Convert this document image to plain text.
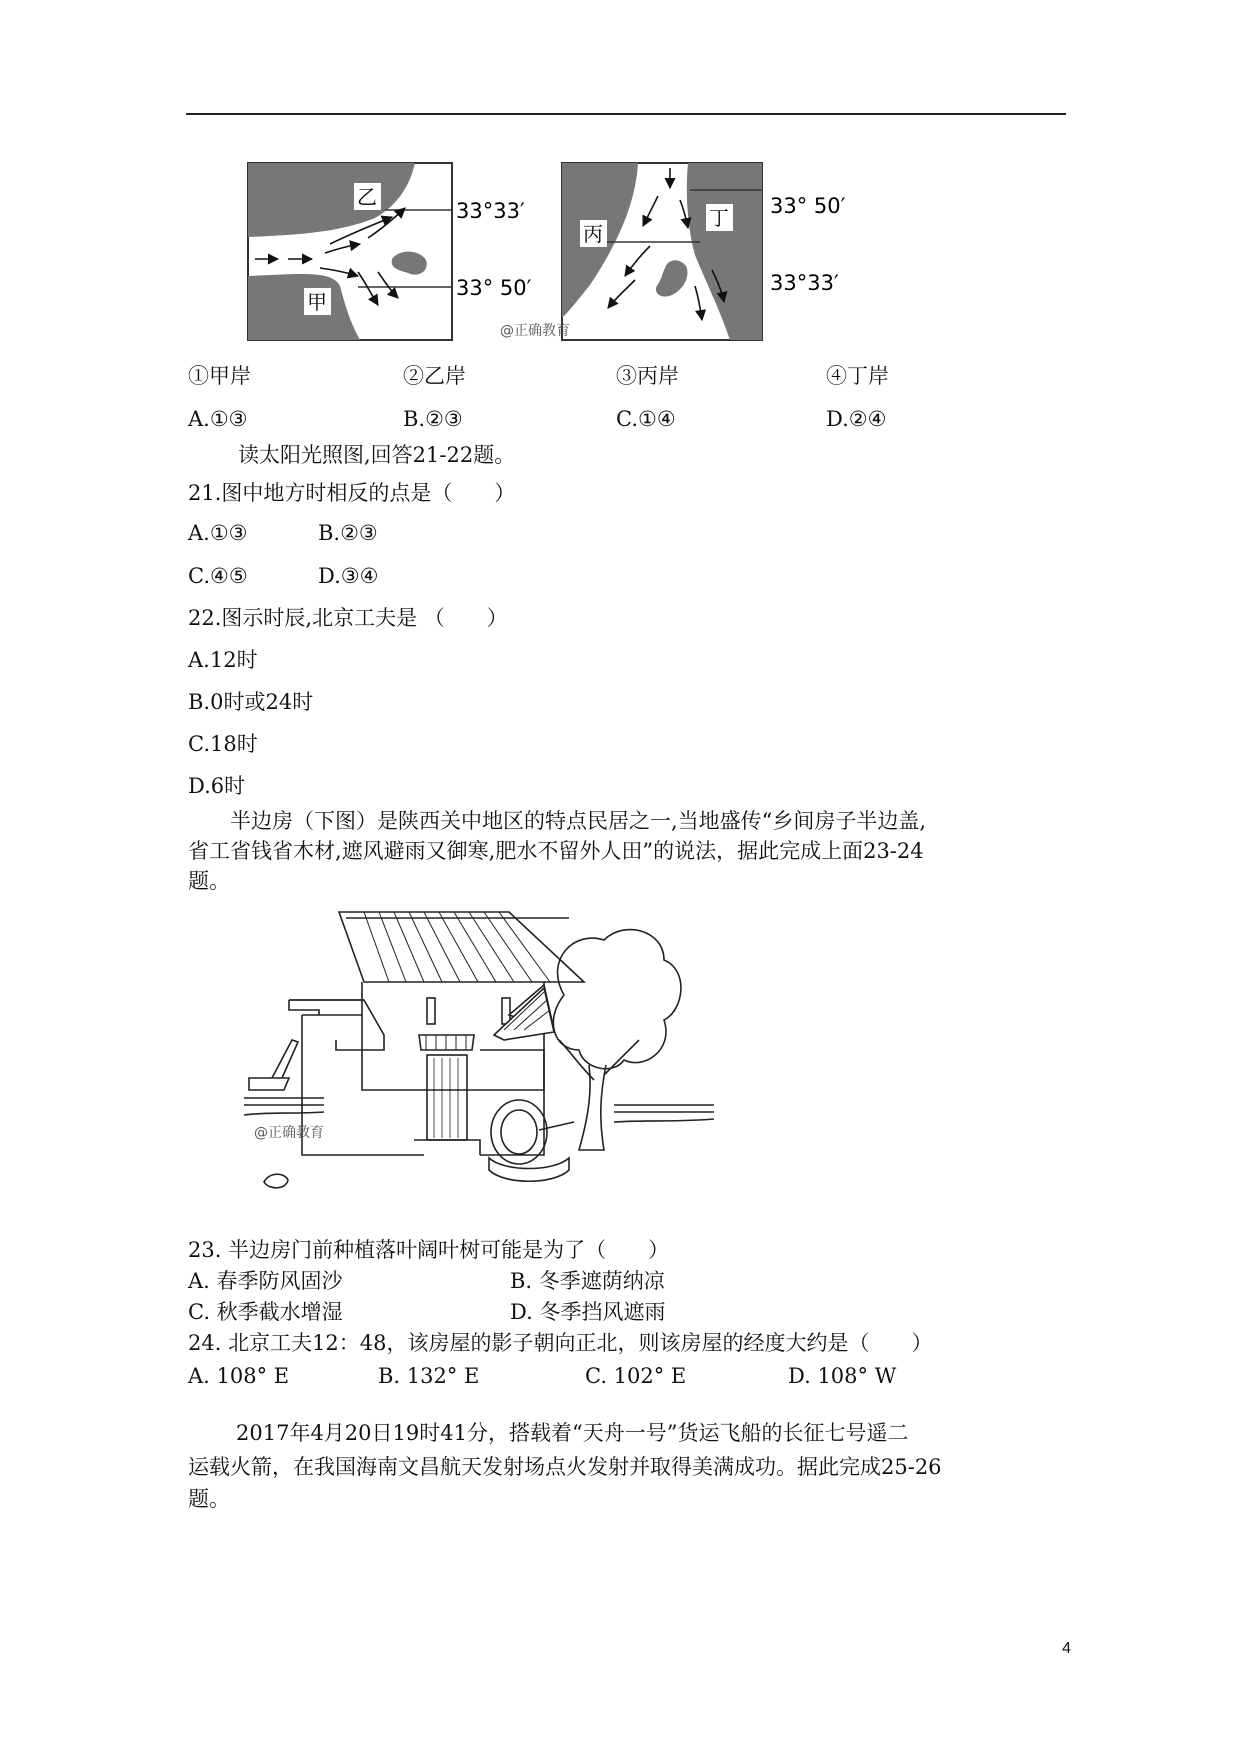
乙
甲
33°33′
33° 50′
丙
丁 33° 50′
33°33′
@正确教育
①甲岸	②乙岸	③丙岸	④丁岸
A.①③	B.②③	C.①④	D.②④
读太阳光照图,回答21-22题。
21.图中地方时相反的点是（　　）
A.①③	B.②③
C.④⑤	D.③④
22.图示时辰,北京工夫是 （　　）
A.12时
B.0时或24时
C.18时
D.6时
半边房（下图）是陕西关中地区的特点民居之一,当地盛传“乡间房子半边盖,
省工省钱省木材,遮风避雨又御寒,肥水不留外人田”的说法，据此完成上面23-24
题。
@正确教育
23. 半边房门前种植落叶阔叶树可能是为了（　　）
A. 春季防风固沙	B. 冬季遮荫纳凉
C. 秋季截水增湿	D. 冬季挡风遮雨
24. 北京工夫12：48，该房屋的影子朝向正北，则该房屋的经度大约是（　　）
A. 108° E	B. 132° E	C. 102° E	D. 108° W
2017年4月20日19时41分，搭载着“天舟一号”货运飞船的长征七号遥二
运载火箭，在我国海南文昌航天发射场点火发射并取得美满成功。据此完成25-26
题。
4
